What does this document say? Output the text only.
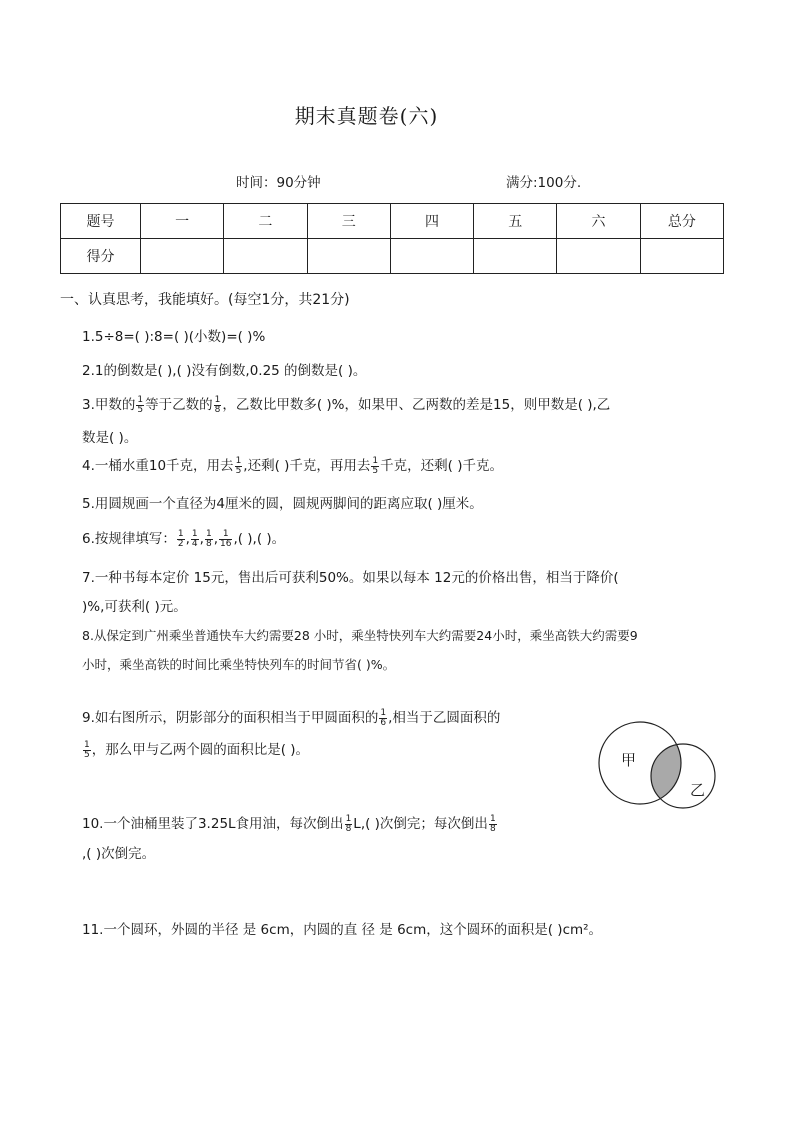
期末真题卷(六)
时间：90分钟	满分:100分.
题号	一	二	三	四	五	六	总分
得分							
一、认真思考，我能填好。(每空1分，共21分)
1.5÷8=( ):8=( )(小数)=( )%
2.1的倒数是( ),( )没有倒数,0.25 的倒数是( )。
3.甲数的 $\frac{1}{5}$ 等于乙数的 $\frac{1}{8}$ ，乙数比甲数多( )%，如果甲、乙两数的差是15，则甲数是( ),乙
数是( )。
4.一桶水重10千克，用去 $\frac{1}{5}$ ,还剩( )千克，再用去 $\frac{1}{5}$ 千克，还剩( )千克。
5.用圆规画一个直径为4厘米的圆，圆规两脚间的距离应取( )厘米。
6.按规律填写： $\frac{1}{2}$ , $\frac{1}{4}$ , $\frac{1}{8}$ , $\frac{1}{16}$ ,( ),( )。
7.一种书每本定价 15元，售出后可获利50%。如果以每本 12元的价格出售，相当于降价(
)%,可获利( )元。
8.从保定到广州乘坐普通快车大约需要28 小时，乘坐特快列车大约需要24小时，乘坐高铁大约需要9
小时，乘坐高铁的时间比乘坐特快列车的时间节省( )%。
9.如右图所示，阴影部分的面积相当于甲圆面积的 $\frac{1}{6}$ ,相当于乙圆面积的
$\frac{1}{5}$ ，那么甲与乙两个圆的面积比是( )。
甲
乙
10.一个油桶里装了3.25L食用油，每次倒出 $\frac{1}{8} L$,( )次倒完；每次倒出 $\frac{1}{8}$
,( )次倒完。
11.一个圆环，外圆的半径 是 6cm，内圆的直 径 是 6cm，这个圆环的面积是( )cm²。
